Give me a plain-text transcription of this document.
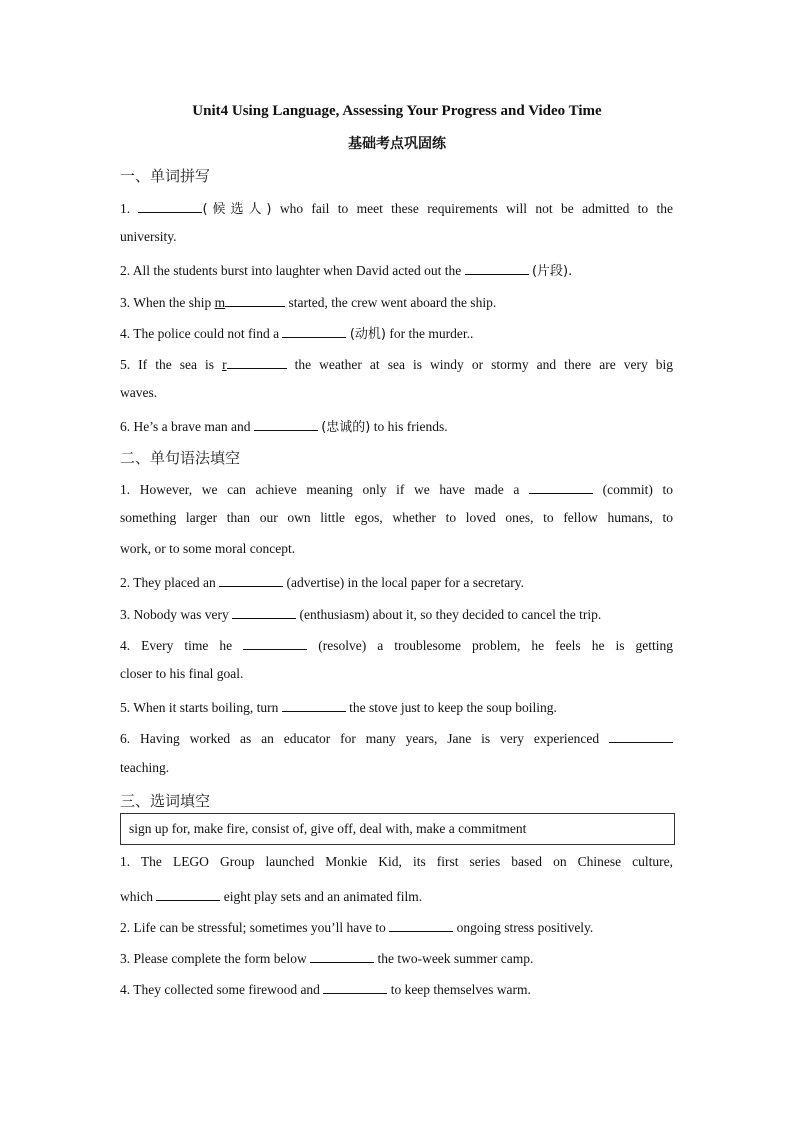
Unit4 Using Language, Assessing Your Progress and Video Time
基础考点巩固练
一、单词拼写
1.	(候选人) who fail to meet these requirements will not be admitted to the
university.
2. All the students burst into laughter when David acted out the	(片段).
3. When the ship m	started, the crew went aboard the ship.
4. The police could not find a	(动机) for the murder..
5. If the sea is r	the weather at sea is windy or stormy and there are very big
waves.
6. He’s a brave man and	(忠诚的) to his friends.
二、单句语法填空
1. However, we can achieve meaning only if we have made a	(commit) to
something larger than our own little egos, whether to loved ones, to fellow humans, to
work, or to some moral concept.
2. They placed an	(advertise) in the local paper for a secretary.
3. Nobody was very	(enthusiasm) about it, so they decided to cancel the trip.
4. Every time he	(resolve) a troublesome problem, he feels he is getting
closer to his final goal.
5. When it starts boiling, turn	the stove just to keep the soup boiling.
6. Having worked as an educator for many years, Jane is very experienced
teaching.
三、选词填空
sign up for, make fire, consist of, give off, deal with, make a commitment
1. The LEGO Group launched Monkie Kid, its first series based on Chinese culture,
which	eight play sets and an animated film.
2. Life can be stressful; sometimes you’ll have to	ongoing stress positively.
3. Please complete the form below	the two-week summer camp.
4. They collected some firewood and	to keep themselves warm.
